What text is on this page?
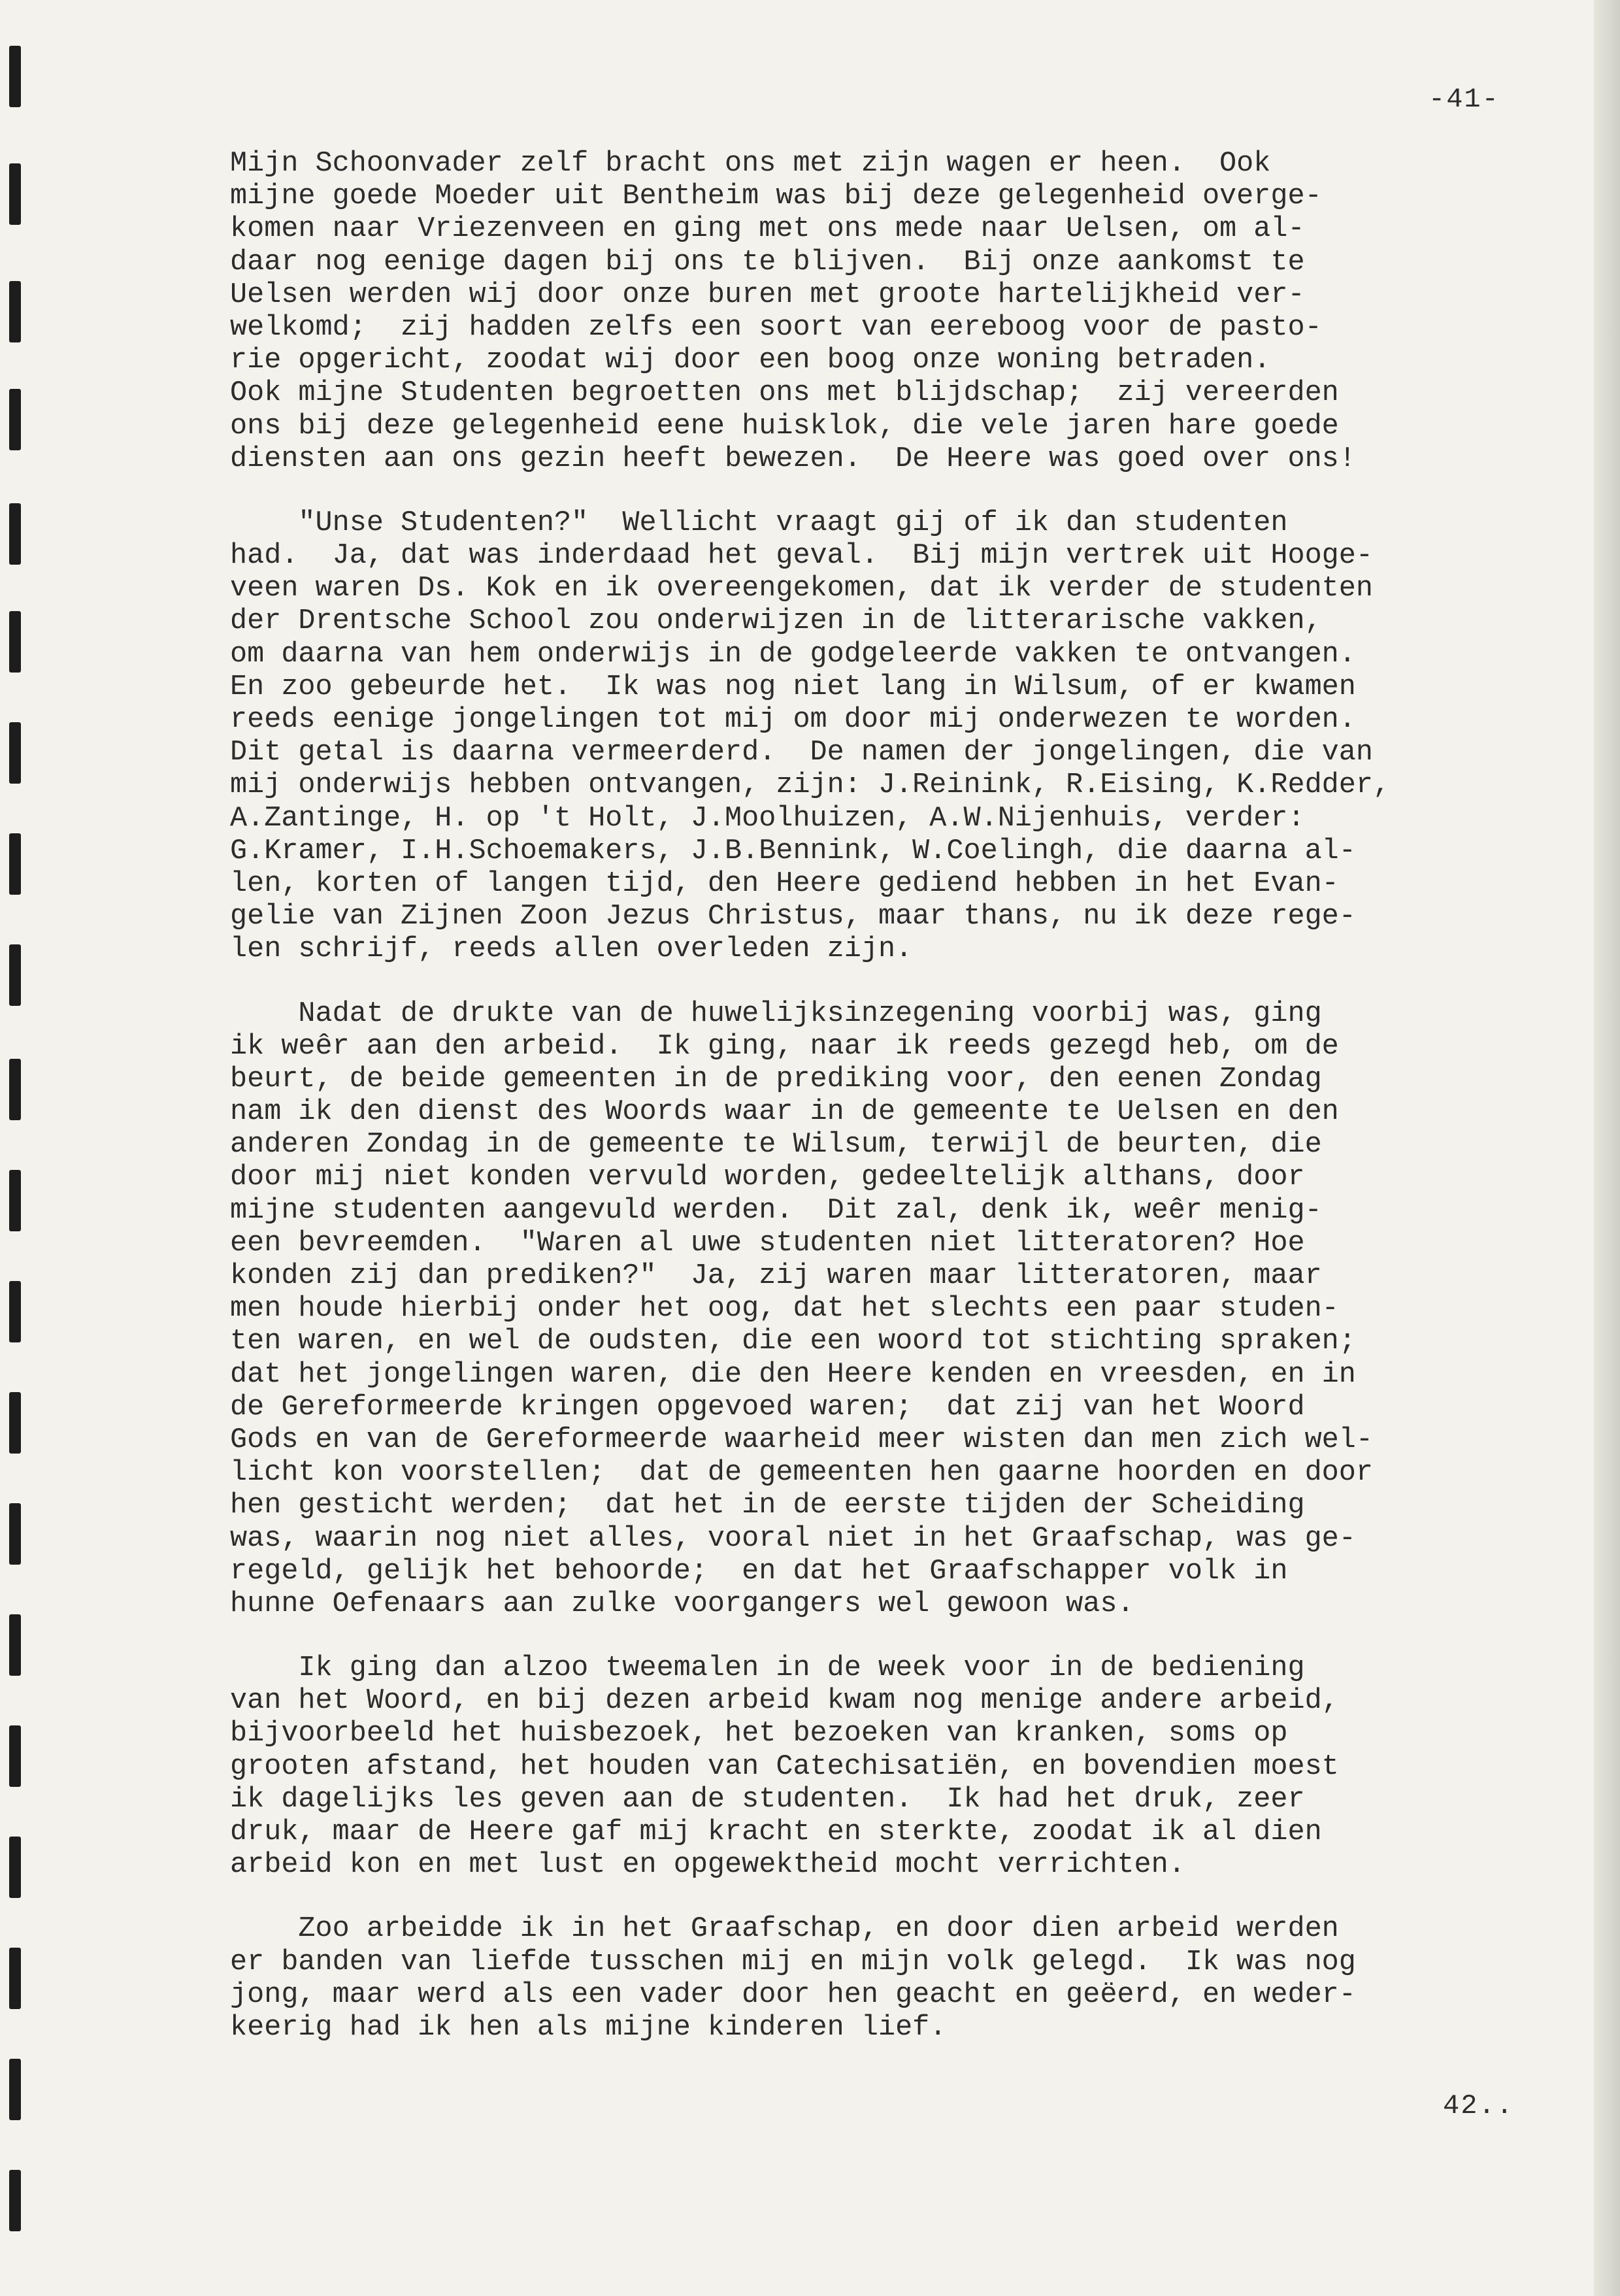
-41-
Mijn Schoonvader zelf bracht ons met zijn wagen er heen.  Ook
mijne goede Moeder uit Bentheim was bij deze gelegenheid overge-
komen naar Vriezenveen en ging met ons mede naar Uelsen, om al-
daar nog eenige dagen bij ons te blijven.  Bij onze aankomst te
Uelsen werden wij door onze buren met groote hartelijkheid ver-
welkomd;  zij hadden zelfs een soort van eereboog voor de pasto-
rie opgericht, zoodat wij door een boog onze woning betraden.
Ook mijne Studenten begroetten ons met blijdschap;  zij vereerden
ons bij deze gelegenheid eene huisklok, die vele jaren hare goede
diensten aan ons gezin heeft bewezen.  De Heere was goed over ons!
"Unse Studenten?"  Wellicht vraagt gij of ik dan studenten
had.  Ja, dat was inderdaad het geval.  Bij mijn vertrek uit Hooge-
veen waren Ds. Kok en ik overeengekomen, dat ik verder de studenten
der Drentsche School zou onderwijzen in de litterarische vakken,
om daarna van hem onderwijs in de godgeleerde vakken te ontvangen.
En zoo gebeurde het.  Ik was nog niet lang in Wilsum, of er kwamen
reeds eenige jongelingen tot mij om door mij onderwezen te worden.
Dit getal is daarna vermeerderd.  De namen der jongelingen, die van
mij onderwijs hebben ontvangen, zijn: J.Reinink, R.Eising, K.Redder,
A.Zantinge, H. op 't Holt, J.Moolhuizen, A.W.Nijenhuis, verder:
G.Kramer, I.H.Schoemakers, J.B.Bennink, W.Coelingh, die daarna al-
len, korten of langen tijd, den Heere gediend hebben in het Evan-
gelie van Zijnen Zoon Jezus Christus, maar thans, nu ik deze rege-
len schrijf, reeds allen overleden zijn.
Nadat de drukte van de huwelijksinzegening voorbij was, ging
ik weêr aan den arbeid.  Ik ging, naar ik reeds gezegd heb, om de
beurt, de beide gemeenten in de prediking voor, den eenen Zondag
nam ik den dienst des Woords waar in de gemeente te Uelsen en den
anderen Zondag in de gemeente te Wilsum, terwijl de beurten, die
door mij niet konden vervuld worden, gedeeltelijk althans, door
mijne studenten aangevuld werden.  Dit zal, denk ik, weêr menig-
een bevreemden.  "Waren al uwe studenten niet litteratoren? Hoe
konden zij dan prediken?"  Ja, zij waren maar litteratoren, maar
men houde hierbij onder het oog, dat het slechts een paar studen-
ten waren, en wel de oudsten, die een woord tot stichting spraken;
dat het jongelingen waren, die den Heere kenden en vreesden, en in
de Gereformeerde kringen opgevoed waren;  dat zij van het Woord
Gods en van de Gereformeerde waarheid meer wisten dan men zich wel-
licht kon voorstellen;  dat de gemeenten hen gaarne hoorden en door
hen gesticht werden;  dat het in de eerste tijden der Scheiding
was, waarin nog niet alles, vooral niet in het Graafschap, was ge-
regeld, gelijk het behoorde;  en dat het Graafschapper volk in
hunne Oefenaars aan zulke voorgangers wel gewoon was.
Ik ging dan alzoo tweemalen in de week voor in de bediening
van het Woord, en bij dezen arbeid kwam nog menige andere arbeid,
bijvoorbeeld het huisbezoek, het bezoeken van kranken, soms op
grooten afstand, het houden van Catechisatiën, en bovendien moest
ik dagelijks les geven aan de studenten.  Ik had het druk, zeer
druk, maar de Heere gaf mij kracht en sterkte, zoodat ik al dien
arbeid kon en met lust en opgewektheid mocht verrichten.
Zoo arbeidde ik in het Graafschap, en door dien arbeid werden
er banden van liefde tusschen mij en mijn volk gelegd.  Ik was nog
jong, maar werd als een vader door hen geacht en geëerd, en weder-
keerig had ik hen als mijne kinderen lief.
42..
